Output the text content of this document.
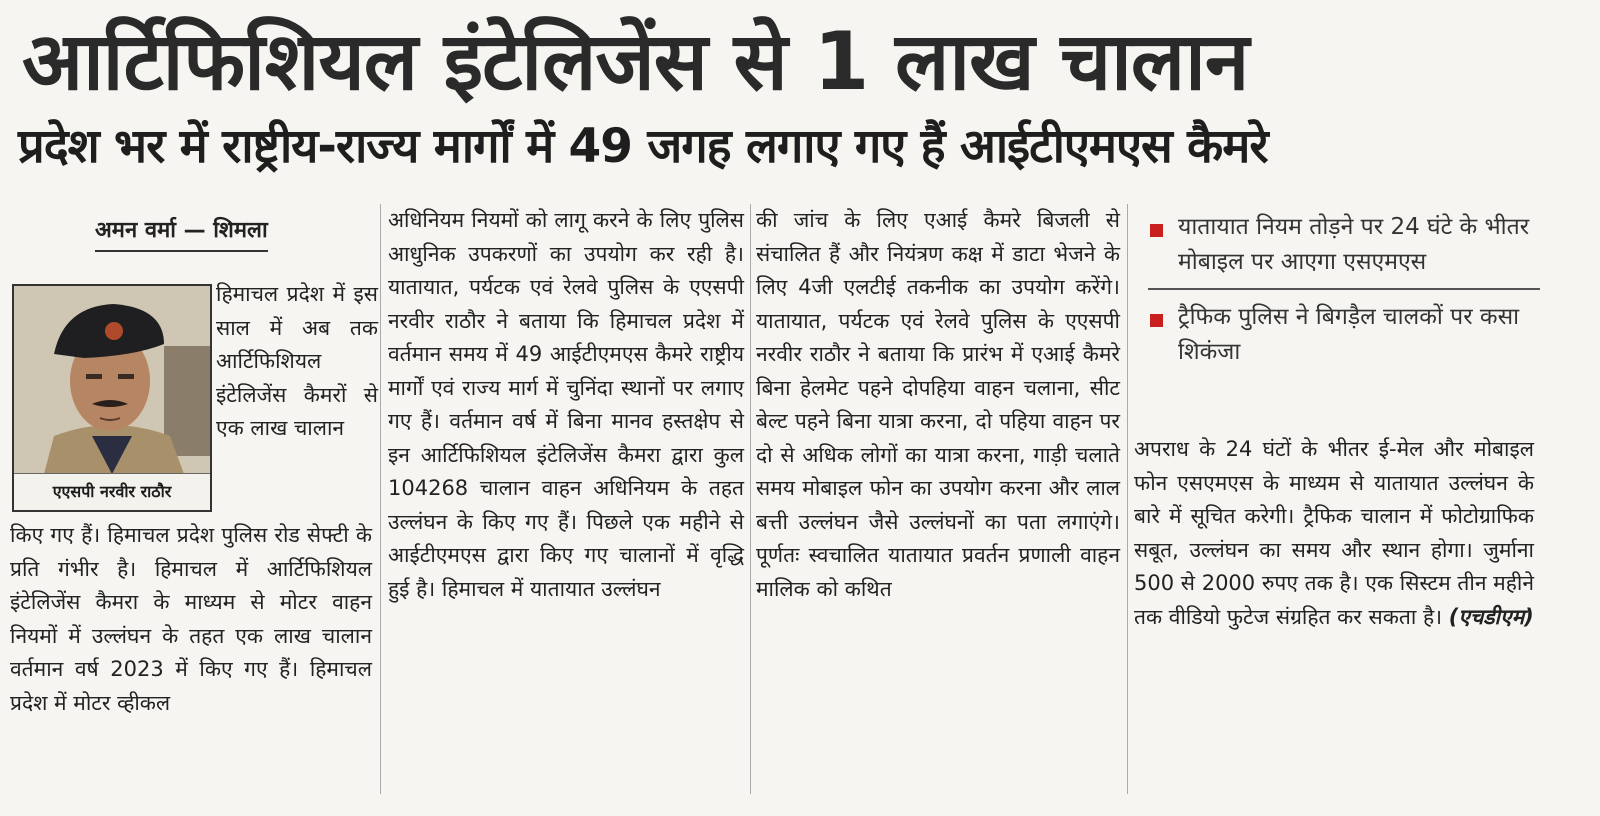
आर्टिफिशियल इंटेलिजेंस से 1 लाख चालान
प्रदेश भर में राष्ट्रीय-राज्य मार्गों में 49 जगह लगाए गए हैं आईटीएमएस कैमरे
अमन वर्मा — शिमला
एएसपी नरवीर राठौर

हिमाचल प्रदेश में इस साल में अब तक आर्टिफिशियल इंटेलिजेंस कैमरों से एक लाख चालान

किए गए हैं। हिमाचल प्रदेश पुलिस रोड सेफ्टी के प्रति गंभीर है। हिमाचल में आर्टिफिशियल इंटेलिजेंस कैमरा के माध्यम से मोटर वाहन नियमों में उल्लंघन के तहत एक लाख चालान वर्तमान वर्ष 2023 में किए गए हैं। हिमाचल प्रदेश में मोटर व्हीकल

अधिनियम नियमों को लागू करने के लिए पुलिस आधुनिक उपकरणों का उपयोग कर रही है। यातायात, पर्यटक एवं रेलवे पुलिस के एएसपी नरवीर राठौर ने बताया कि हिमाचल प्रदेश में वर्तमान समय में 49 आईटीएमएस कैमरे राष्ट्रीय मार्गों एवं राज्य मार्ग में चुनिंदा स्थानों पर लगाए गए हैं। वर्तमान वर्ष में बिना मानव हस्तक्षेप से इन आर्टिफिशियल इंटेलिजेंस कैमरा द्वारा कुल 104268 चालान वाहन अधिनियम के तहत उल्लंघन के किए गए हैं। पिछले एक महीने से आईटीएमएस द्वारा किए गए चालानों में वृद्धि हुई है। हिमाचल में यातायात उल्लंघन

की जांच के लिए एआई कैमरे बिजली से संचालित हैं और नियंत्रण कक्ष में डाटा भेजने के लिए 4जी एलटीई तकनीक का उपयोग करेंगे। यातायात, पर्यटक एवं रेलवे पुलिस के एएसपी नरवीर राठौर ने बताया कि प्रारंभ में एआई कैमरे बिना हेलमेट पहने दोपहिया वाहन चलाना, सीट बेल्ट पहने बिना यात्रा करना, दो पहिया वाहन पर दो से अधिक लोगों का यात्रा करना, गाड़ी चलाते समय मोबाइल फोन का उपयोग करना और लाल बत्ती उल्लंघन जैसे उल्लंघनों का पता लगाएंगे। पूर्णतः स्वचालित यातायात प्रवर्तन प्रणाली वाहन मालिक को कथित

यातायात नियम तोड़ने पर 24 घंटे के भीतर मोबाइल पर आएगा एसएमएस
ट्रैफिक पुलिस ने बिगड़ैल चालकों पर कसा शिकंजा

अपराध के 24 घंटों के भीतर ई-मेल और मोबाइल फोन एसएमएस के माध्यम से यातायात उल्लंघन के बारे में सूचित करेगी। ट्रैफिक चालान में फोटोग्राफिक सबूत, उल्लंघन का समय और स्थान होगा। जुर्माना 500 से 2000 रुपए तक है। एक सिस्टम तीन महीने तक वीडियो फुटेज संग्रहित कर सकता है। (एचडीएम)
